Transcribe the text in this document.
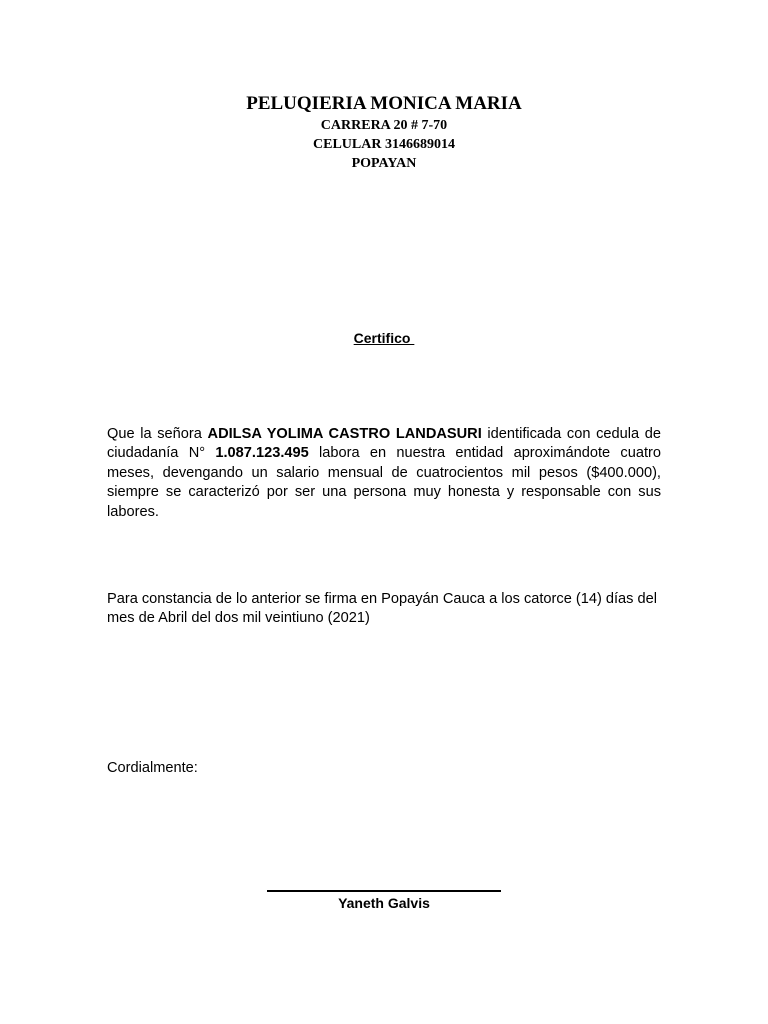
PELUQIERIA MONICA MARIA
CARRERA 20 # 7-70
CELULAR 3146689014
POPAYAN
Certifico
Que la señora ADILSA YOLIMA CASTRO LANDASURI identificada con cedula de ciudadanía N° 1.087.123.495 labora en nuestra entidad aproximándote cuatro meses, devengando un salario mensual de cuatrocientos mil pesos ($400.000), siempre se caracterizó por ser una persona muy honesta y responsable con sus labores.
Para constancia de lo anterior se firma en Popayán Cauca a los catorce (14) días del mes de Abril del dos mil veintiuno (2021)
Cordialmente:
Yaneth Galvis
